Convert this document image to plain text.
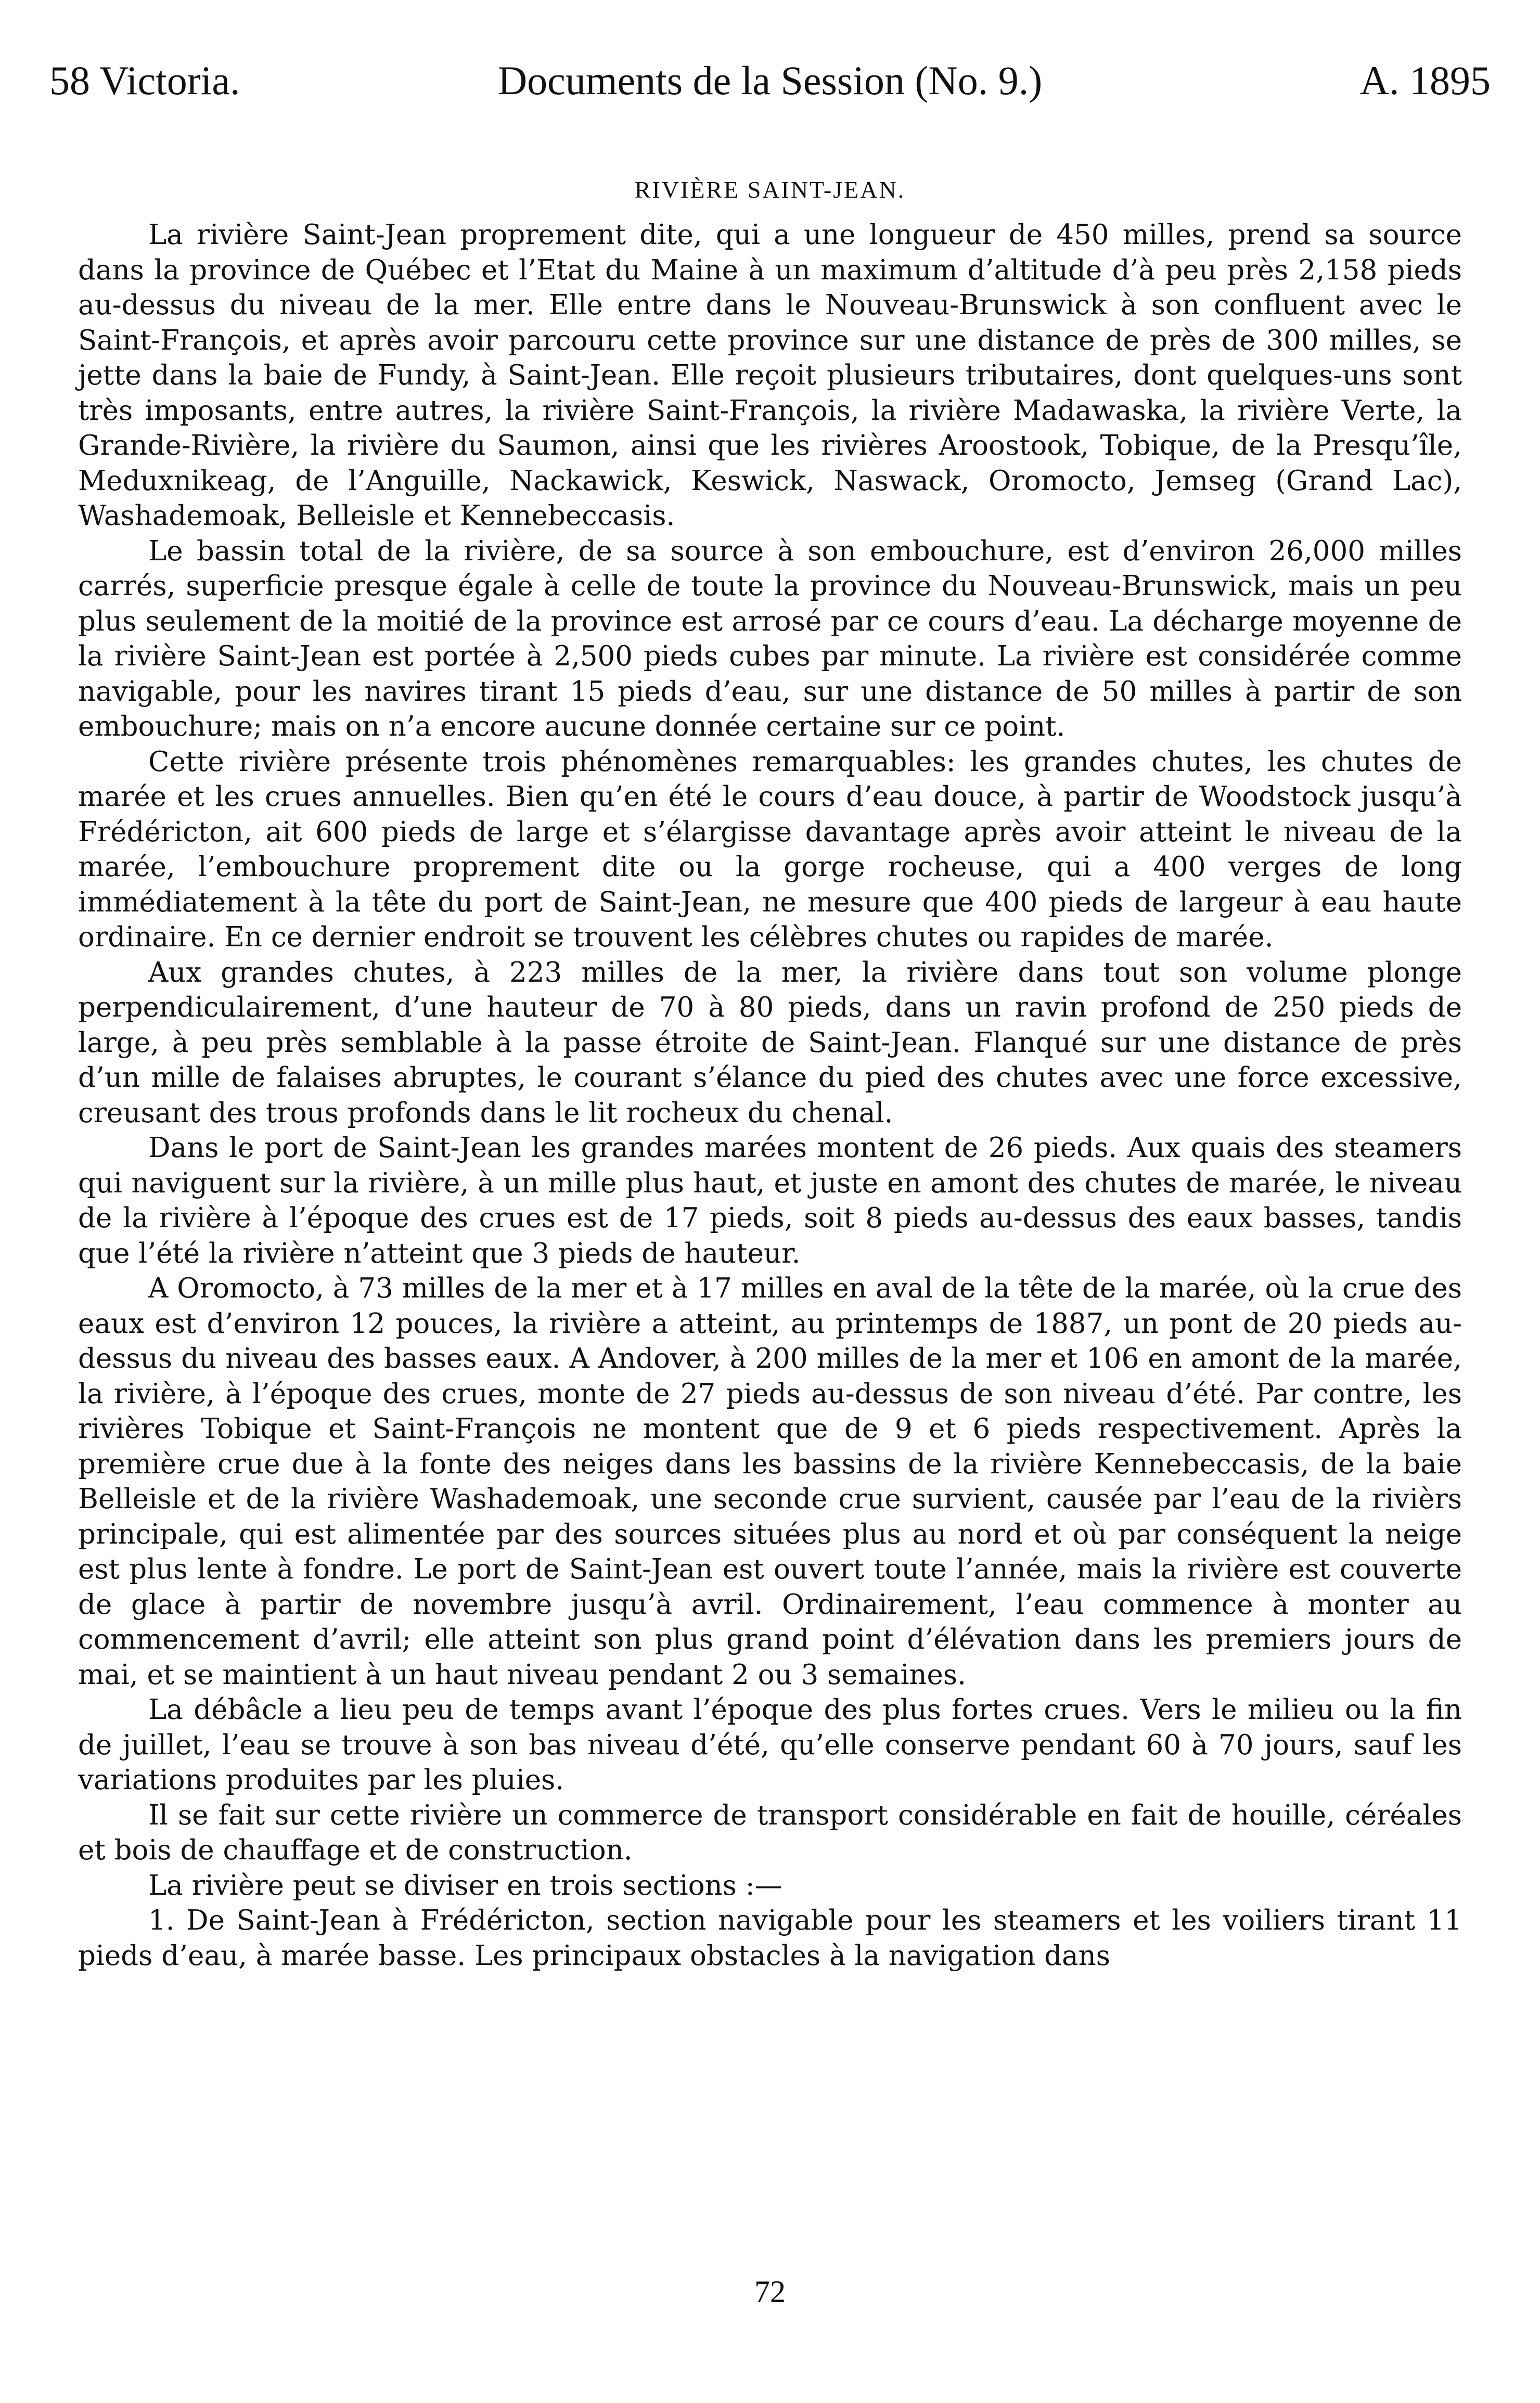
58 Victoria.	Documents de la Session (No. 9.)	A. 1895
RIVIÈRE SAINT-JEAN.

La rivière Saint-Jean proprement dite, qui a une longueur de 450 milles, prend sa source dans la province de Québec et l’Etat du Maine à un maximum d’altitude d’à peu près 2,158 pieds au-dessus du niveau de la mer. Elle entre dans le Nouveau-Brunswick à son confluent avec le Saint-François, et après avoir parcouru cette province sur une distance de près de 300 milles, se jette dans la baie de Fundy, à Saint-Jean. Elle reçoit plusieurs tributaires, dont quelques-uns sont très imposants, entre autres, la rivière Saint-François, la rivière Madawaska, la rivière Verte, la Grande-Rivière, la rivière du Saumon, ainsi que les rivières Aroostook, Tobique, de la Presqu’île, Meduxnikeag, de l’Anguille, Nackawick, Keswick, Naswack, Oromocto, Jemseg (Grand Lac), Washademoak, Belleisle et Kennebeccasis.

Le bassin total de la rivière, de sa source à son embouchure, est d’environ 26,000 milles carrés, superficie presque égale à celle de toute la province du Nouveau-Brunswick, mais un peu plus seulement de la moitié de la province est arrosé par ce cours d’eau. La décharge moyenne de la rivière Saint-Jean est portée à 2,500 pieds cubes par minute. La rivière est considérée comme navigable, pour les navires tirant 15 pieds d’eau, sur une distance de 50 milles à partir de son embouchure; mais on n’a encore aucune donnée certaine sur ce point.

Cette rivière présente trois phénomènes remarquables: les grandes chutes, les chutes de marée et les crues annuelles. Bien qu’en été le cours d’eau douce, à partir de Woodstock jusqu’à Frédéricton, ait 600 pieds de large et s’élargisse davantage après avoir atteint le niveau de la marée, l’embouchure proprement dite ou la gorge rocheuse, qui a 400 verges de long immédiatement à la tête du port de Saint-Jean, ne mesure que 400 pieds de largeur à eau haute ordinaire. En ce dernier endroit se trouvent les célèbres chutes ou rapides de marée.

Aux grandes chutes, à 223 milles de la mer, la rivière dans tout son volume plonge perpendiculairement, d’une hauteur de 70 à 80 pieds, dans un ravin profond de 250 pieds de large, à peu près semblable à la passe étroite de Saint-Jean. Flanqué sur une distance de près d’un mille de falaises abruptes, le courant s’élance du pied des chutes avec une force excessive, creusant des trous profonds dans le lit rocheux du chenal.

Dans le port de Saint-Jean les grandes marées montent de 26 pieds. Aux quais des steamers qui naviguent sur la rivière, à un mille plus haut, et juste en amont des chutes de marée, le niveau de la rivière à l’époque des crues est de 17 pieds, soit 8 pieds au-dessus des eaux basses, tandis que l’été la rivière n’atteint que 3 pieds de hauteur.

A Oromocto, à 73 milles de la mer et à 17 milles en aval de la tête de la marée, où la crue des eaux est d’environ 12 pouces, la rivière a atteint, au printemps de 1887, un pont de 20 pieds au-dessus du niveau des basses eaux. A Andover, à 200 milles de la mer et 106 en amont de la marée, la rivière, à l’époque des crues, monte de 27 pieds au-dessus de son niveau d’été. Par contre, les rivières Tobique et Saint-François ne montent que de 9 et 6 pieds respectivement. Après la première crue due à la fonte des neiges dans les bassins de la rivière Kennebeccasis, de la baie Belleisle et de la rivière Washademoak, une seconde crue survient, causée par l’eau de la rivièrs principale, qui est alimentée par des sources situées plus au nord et où par conséquent la neige est plus lente à fondre. Le port de Saint-Jean est ouvert toute l’année, mais la rivière est couverte de glace à partir de novembre jusqu’à avril. Ordinairement, l’eau commence à monter au commencement d’avril; elle atteint son plus grand point d’élévation dans les premiers jours de mai, et se maintient à un haut niveau pendant 2 ou 3 semaines.

La débâcle a lieu peu de temps avant l’époque des plus fortes crues. Vers le milieu ou la fin de juillet, l’eau se trouve à son bas niveau d’été, qu’elle conserve pendant 60 à 70 jours, sauf les variations produites par les pluies.

Il se fait sur cette rivière un commerce de transport considérable en fait de houille, céréales et bois de chauffage et de construction.

La rivière peut se diviser en trois sections :—

1. De Saint-Jean à Frédéricton, section navigable pour les steamers et les voiliers tirant 11 pieds d’eau, à marée basse. Les principaux obstacles à la navigation dans

72
